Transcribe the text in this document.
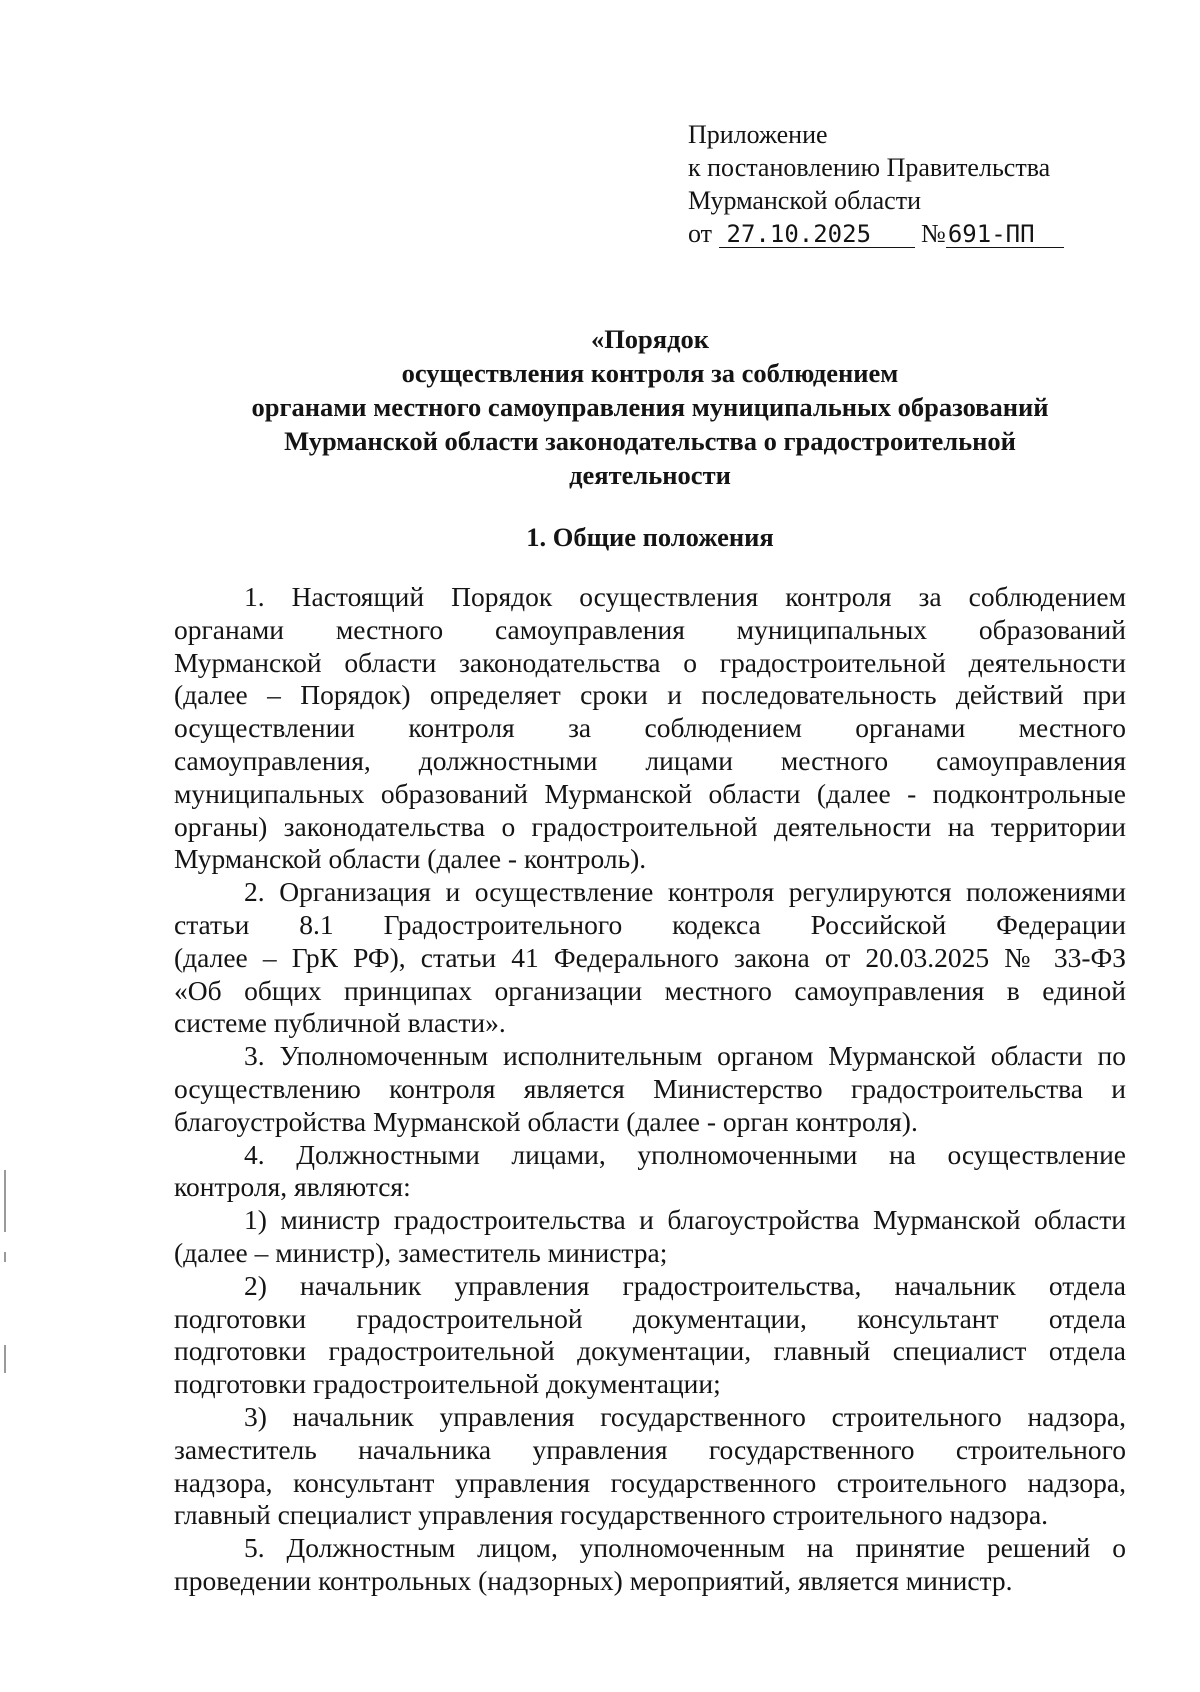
Приложение
к постановлению Правительства
Мурманской области
от 27.10.2025 №691-ПП
«Порядок
осуществления контроля за соблюдением
органами местного самоуправления муниципальных образований
Мурманской области законодательства о градостроительной
деятельности
1. Общие положения
1. Настоящий Порядок осуществления контроля за соблюдением
органами местного самоуправления муниципальных образований
Мурманской области законодательства о градостроительной деятельности
(далее – Порядок) определяет сроки и последовательность действий при
осуществлении контроля за соблюдением органами местного
самоуправления, должностными лицами местного самоуправления
муниципальных образований Мурманской области (далее - подконтрольные
органы) законодательства о градостроительной деятельности на территории
Мурманской области (далее - контроль).
2. Организация и осуществление контроля регулируются положениями
статьи 8.1 Градостроительного кодекса Российской Федерации
(далее – ГрК РФ), статьи 41 Федерального закона от 20.03.2025 № 33-ФЗ
«Об общих принципах организации местного самоуправления в единой
системе публичной власти».
3. Уполномоченным исполнительным органом Мурманской области по
осуществлению контроля является Министерство градостроительства и
благоустройства Мурманской области (далее - орган контроля).
4. Должностными лицами, уполномоченными на осуществление
контроля, являются:
1) министр градостроительства и благоустройства Мурманской области
(далее – министр), заместитель министра;
2) начальник управления градостроительства, начальник отдела
подготовки градостроительной документации, консультант отдела
подготовки градостроительной документации, главный специалист отдела
подготовки градостроительной документации;
3) начальник управления государственного строительного надзора,
заместитель начальника управления государственного строительного
надзора, консультант управления государственного строительного надзора,
главный специалист управления государственного строительного надзора.
5. Должностным лицом, уполномоченным на принятие решений о
проведении контрольных (надзорных) мероприятий, является министр.
